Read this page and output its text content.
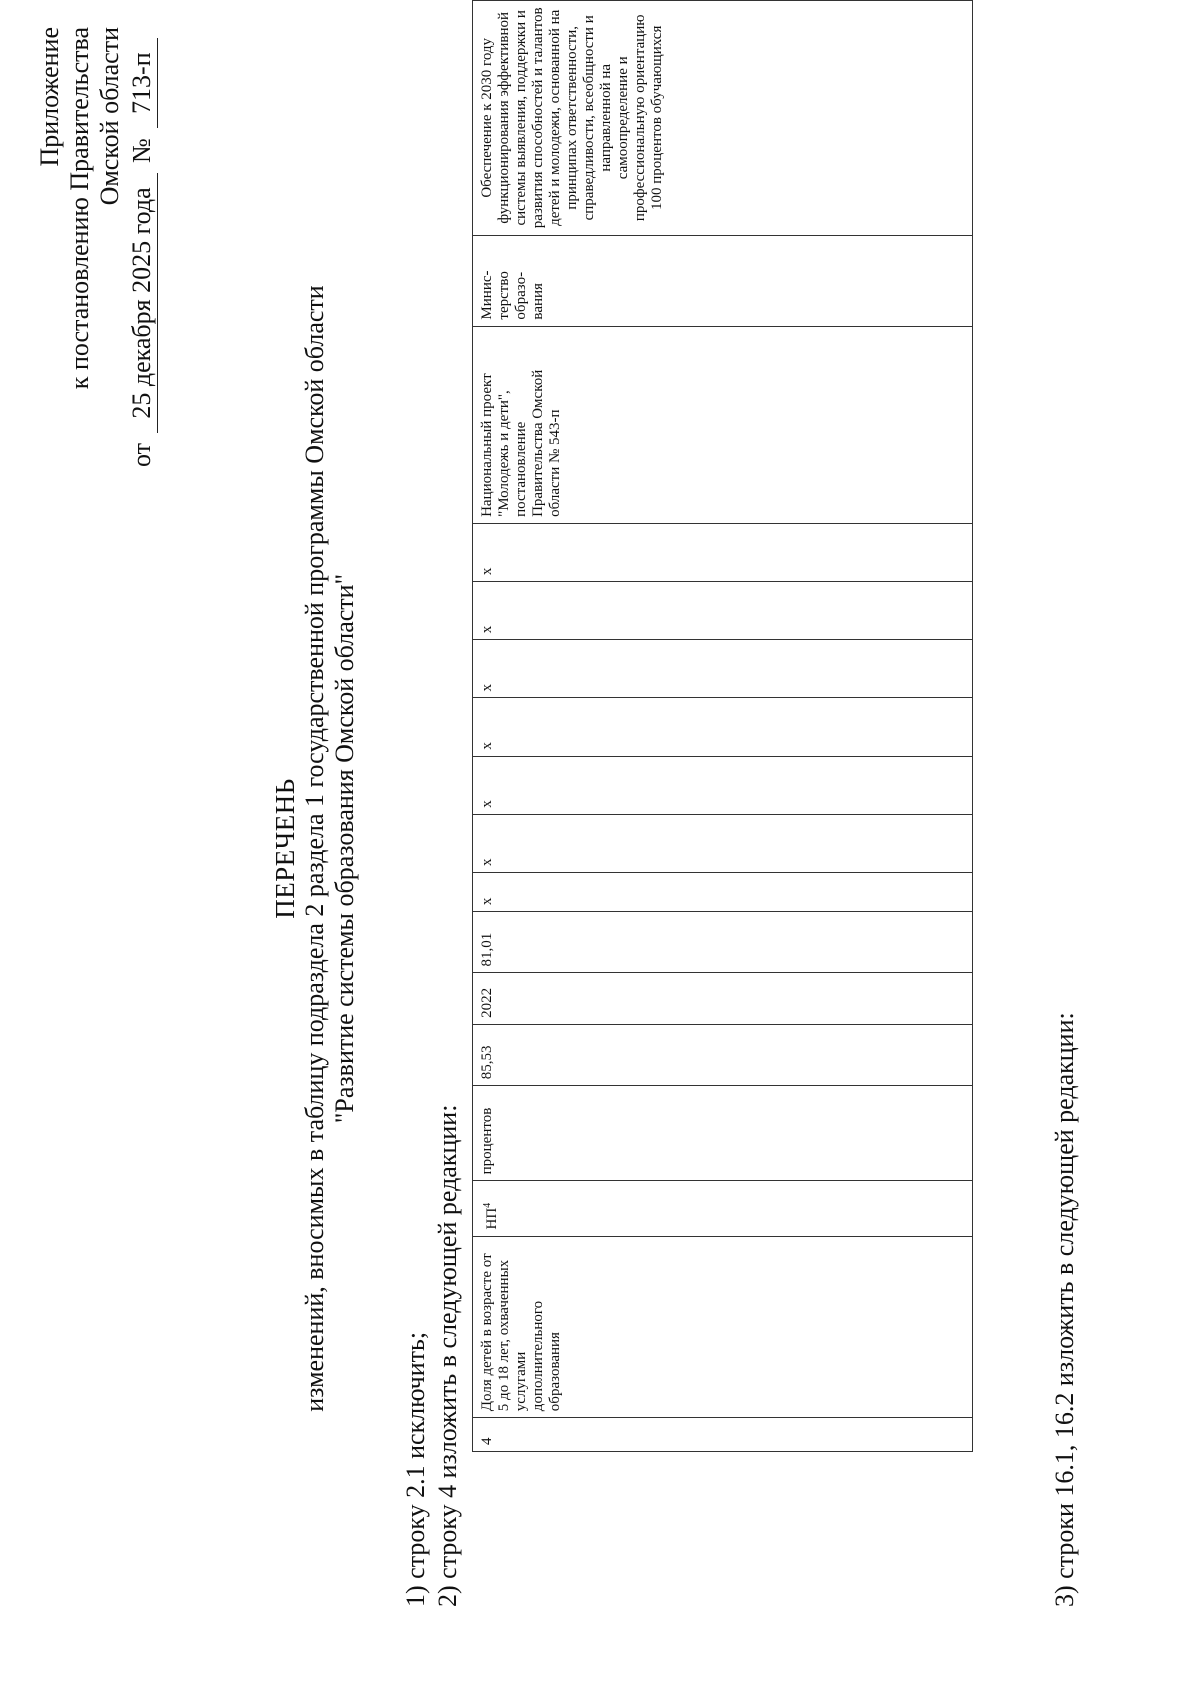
Приложение к постановлению Правительства Омской области
от
25 декабря 2025 года
№
713-п
ПЕРЕЧЕНЬ изменений, вносимых в таблицу подраздела 2 раздела 1 государственной программы Омской области "Развитие системы образования Омской области"
1) строку 2.1 исключить; 2) строку 4 изложить в следующей редакции: 4	Доля детей в возрасте от 5 до 18 лет, охваченных услугами дополнительного образования	$НП^4$	процентов	85,53	2022	81,01	х	х	х	х	х	х	х	Национальный проект "Молодежь и дети", постановление Правительства Омской области № 543-п	Минис-терство образо-вания	Обеспечение к 2030 году функционирования эффективной системы выявления, поддержки и развития способностей и талантов детей и молодежи, основанной на принципах ответственности, справедливости, всеобщности и направленной на самоопределение и профессиональную ориентацию 100 процентов обучающихся
3) строки 16.1, 16.2 изложить в следующей редакции:
